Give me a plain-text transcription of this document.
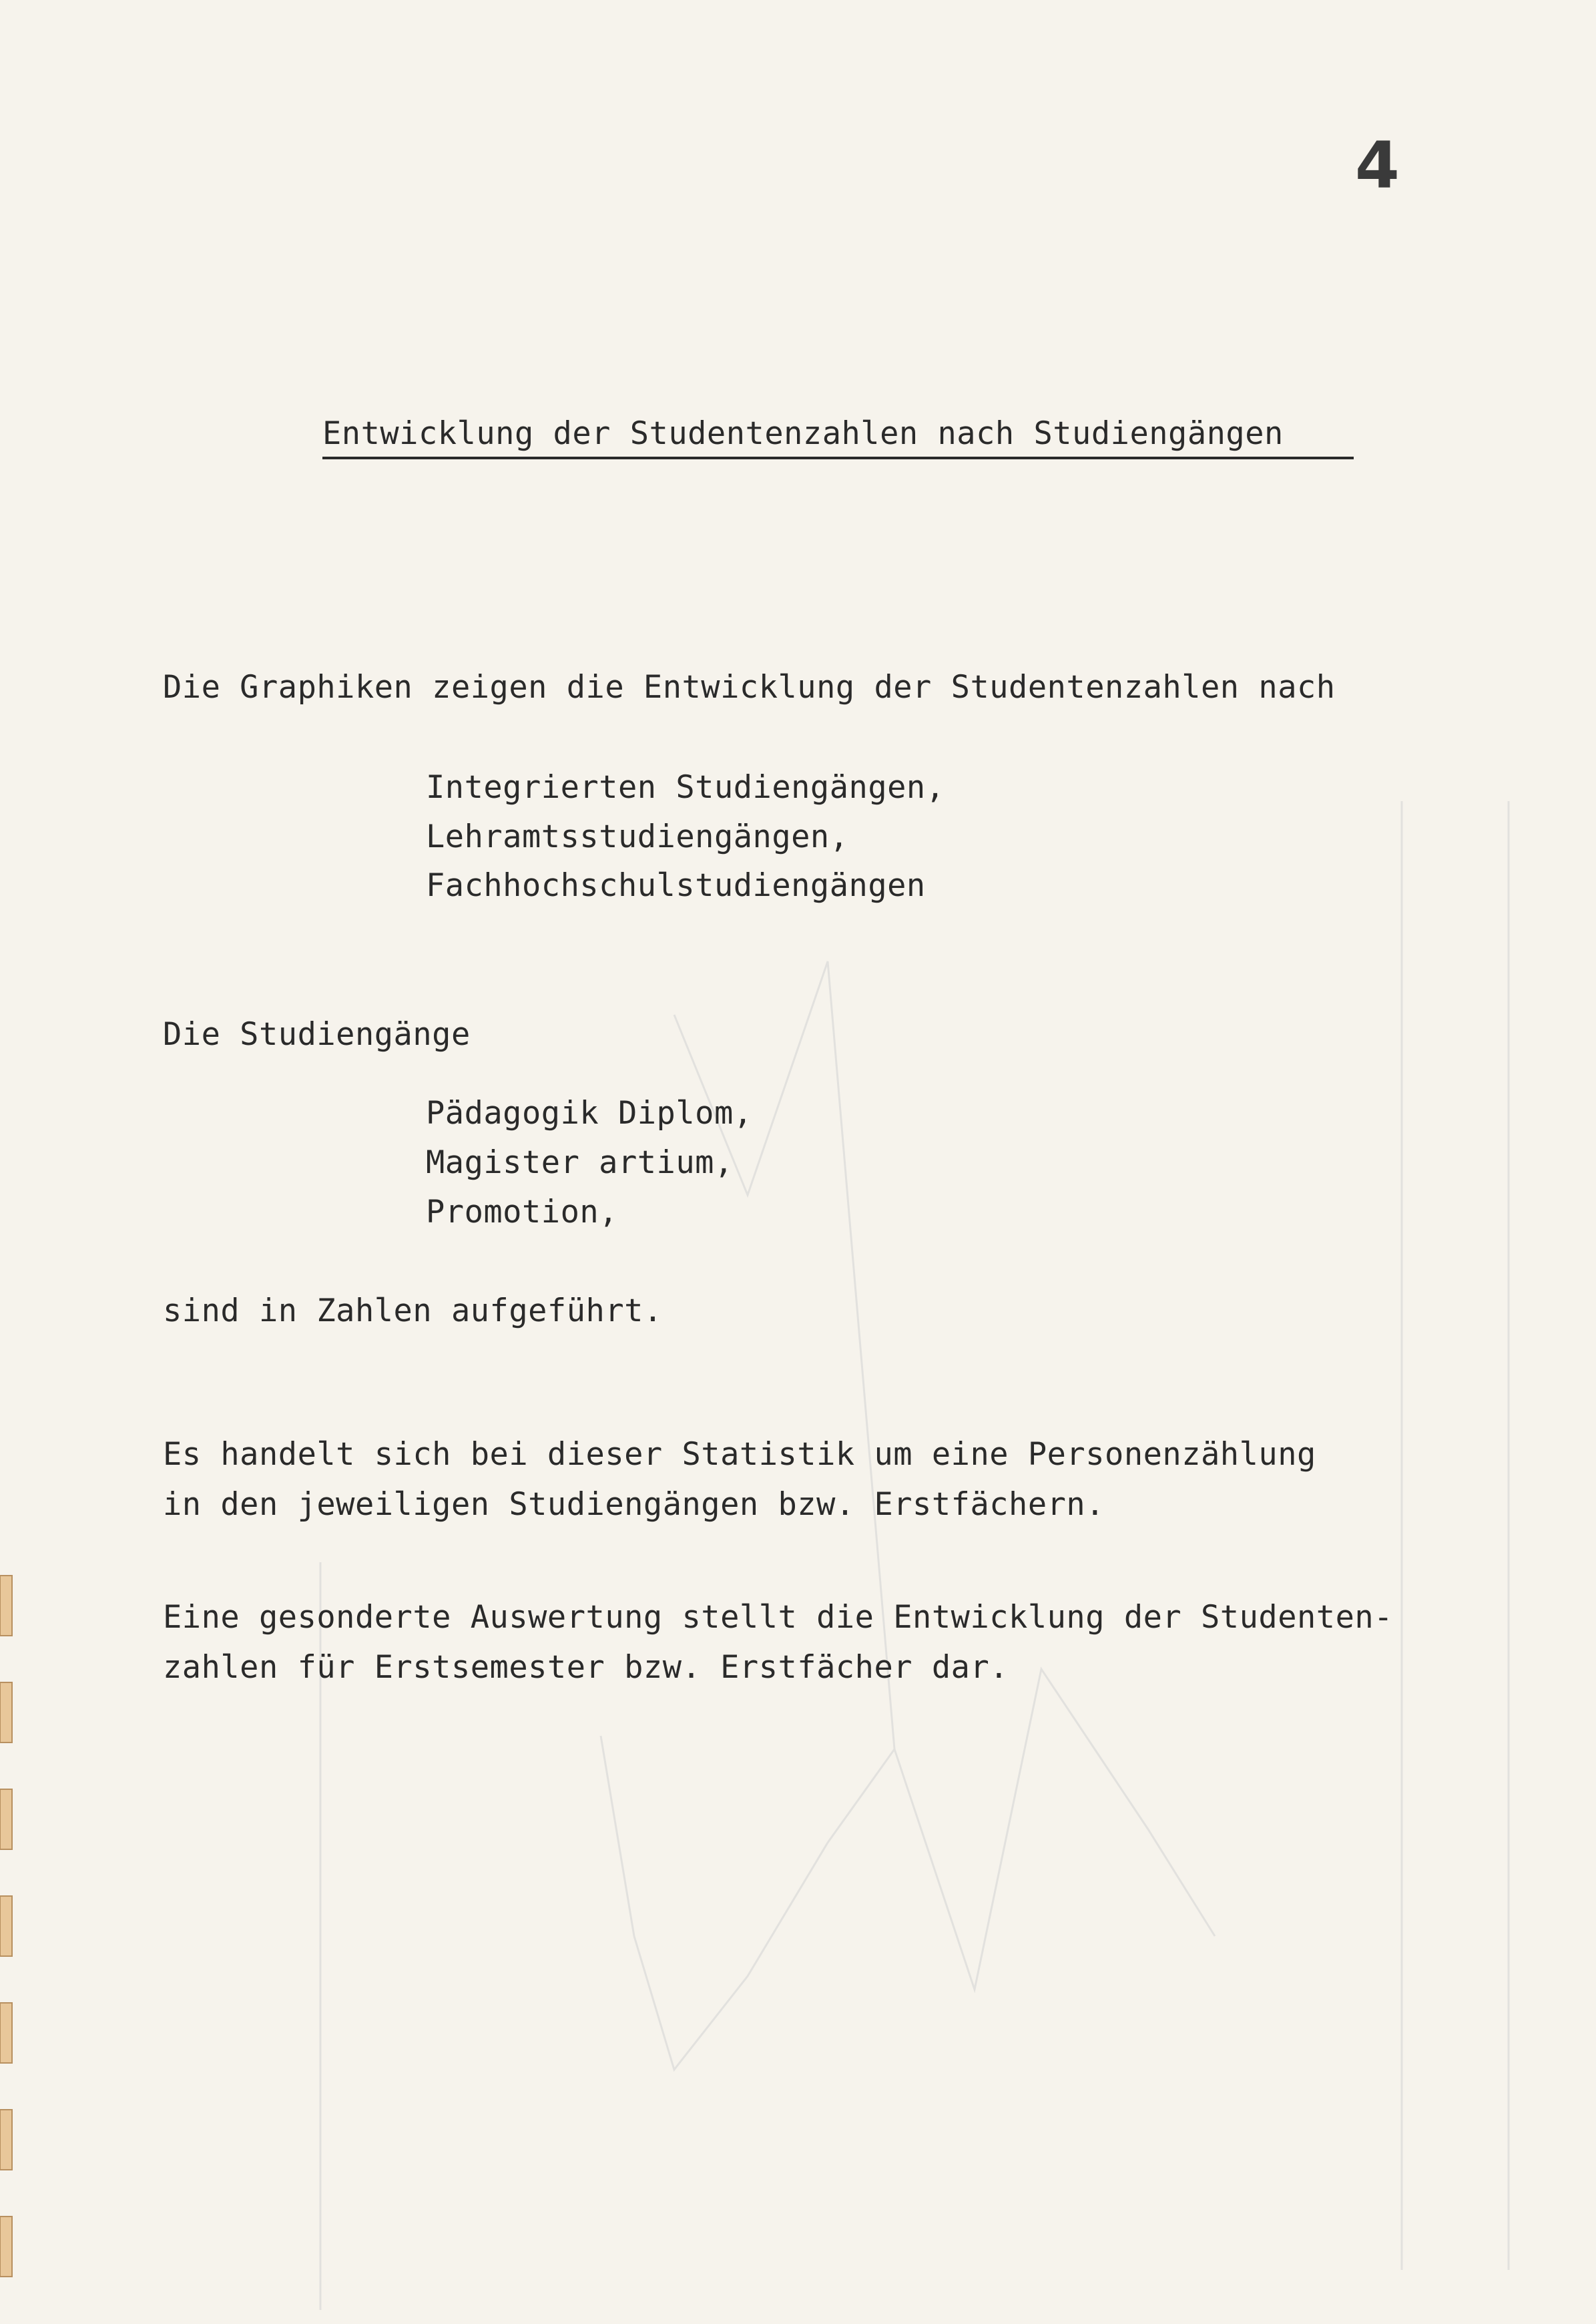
4
Entwicklung der Studentenzahlen nach Studiengängen
Die Graphiken zeigen die Entwicklung der Studentenzahlen nach
Integrierten Studiengängen,
Lehramtsstudiengängen,
Fachhochschulstudiengängen
Die Studiengänge
Pädagogik Diplom,
Magister artium,
Promotion,
sind in Zahlen aufgeführt.
Es handelt sich bei dieser Statistik um eine Personenzählung
in den jeweiligen Studiengängen bzw. Erstfächern.
Eine gesonderte Auswertung stellt die Entwicklung der Studenten-
zahlen für Erstsemester bzw. Erstfächer dar.
